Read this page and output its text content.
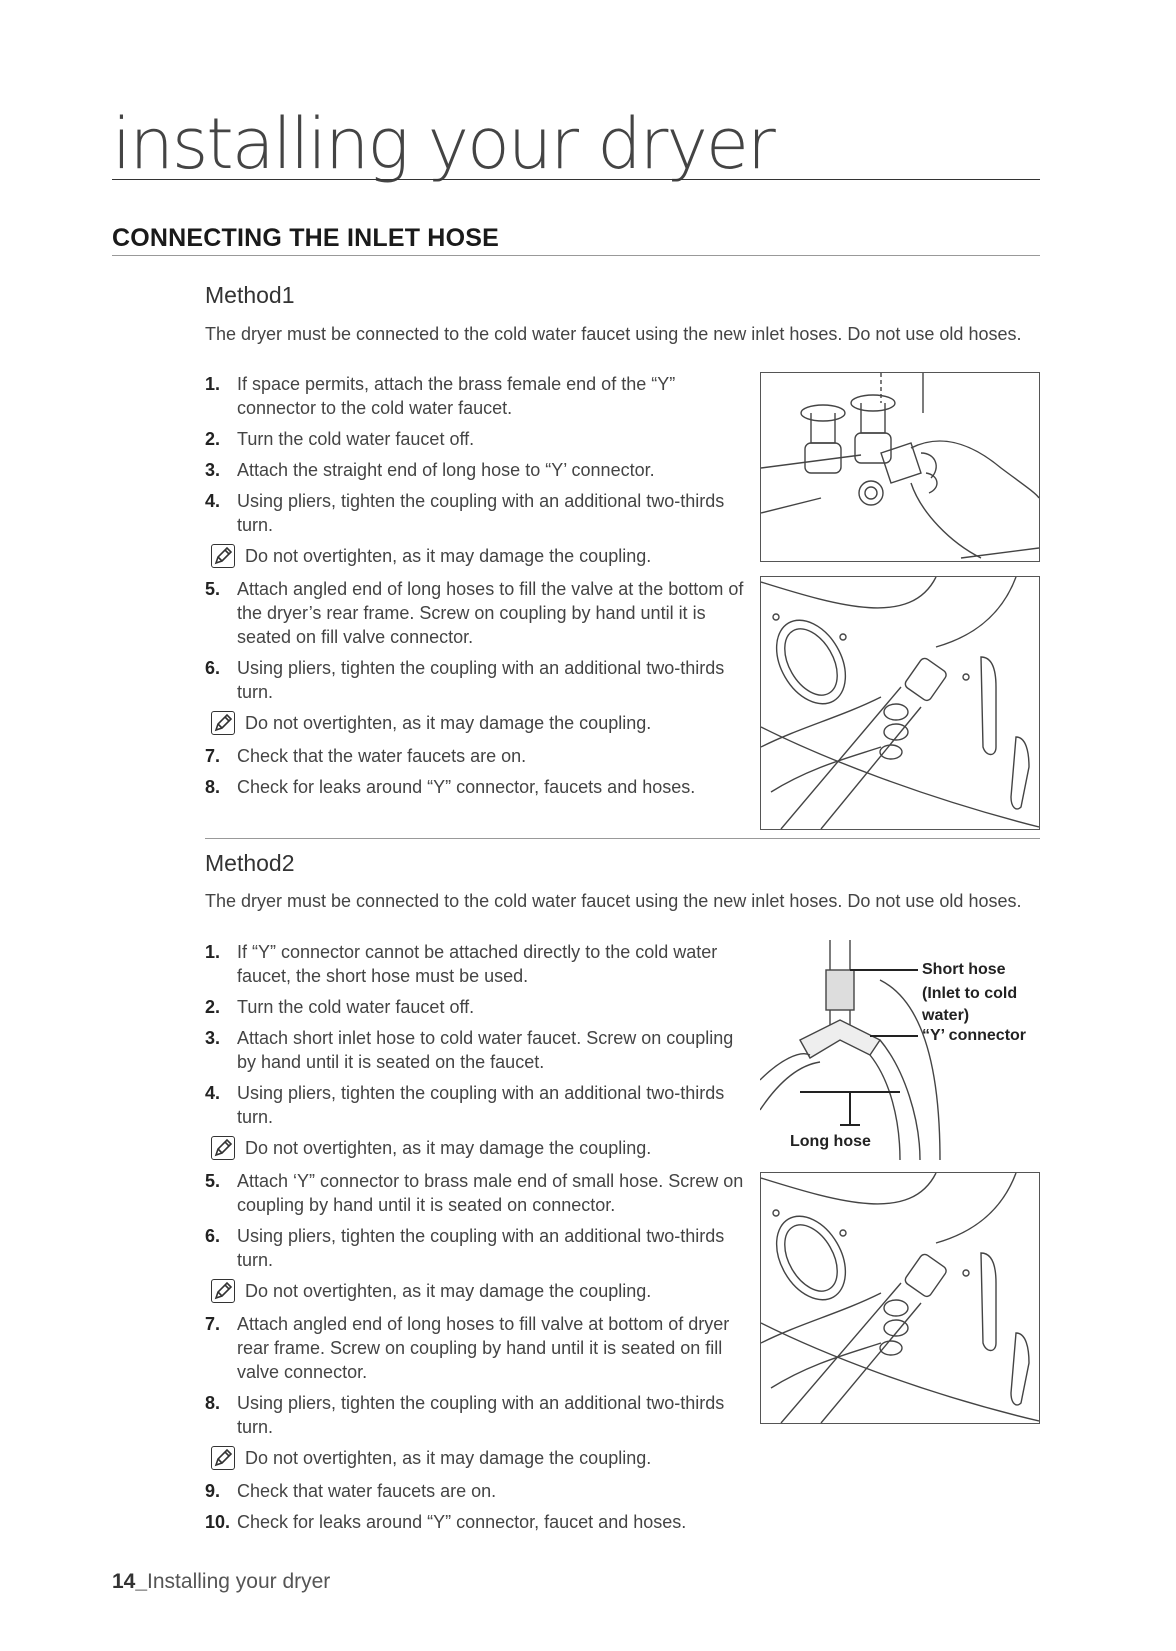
installing your dryer
CONNECTING THE INLET HOSE
Method1
The dryer must be connected to the cold water faucet using the new inlet hoses. Do not use old hoses.
1. If space permits, attach the brass female end of the “Y” connector to the cold water faucet.
2. Turn the cold water faucet off.
3. Attach the straight end of long hose to “Y’ connector.
4. Using pliers, tighten the coupling with an additional two-thirds turn.
Do not overtighten, as it may damage the coupling.
5. Attach angled end of long hoses to fill the valve at the bottom of the dryer’s rear frame. Screw on coupling by hand until it is seated on fill valve connector.
6. Using pliers, tighten the coupling with an additional two-thirds turn.
Do not overtighten, as it may damage the coupling.
7. Check that the water faucets are on.
8. Check for leaks around “Y” connector, faucets and hoses.
Method2
The dryer must be connected to the cold water faucet using the new inlet hoses. Do not use old hoses.
1. If “Y” connector cannot be attached directly to the cold water faucet, the short hose must be used.
2. Turn the cold water faucet off.
3. Attach short inlet hose to cold water faucet. Screw on coupling by hand until it is seated on the faucet.
4. Using pliers, tighten the coupling with an additional two-thirds turn.
Do not overtighten, as it may damage the coupling.
5. Attach ‘Y” connector to brass male end of small hose. Screw on coupling by hand until it is seated on connector.
6. Using pliers, tighten the coupling with an additional two-thirds turn.
Do not overtighten, as it may damage the coupling.
7. Attach angled end of long hoses to fill valve at bottom of dryer rear frame. Screw on coupling by hand until it is seated on fill valve connector.
8. Using pliers, tighten the coupling with an additional two-thirds turn.
Do not overtighten, as it may damage the coupling.
9. Check that water faucets are on.
10. Check for leaks around “Y” connector, faucet and hoses.
Short hose
(Inlet to cold
water)
“Y’ connector
Long hose
14_Installing your dryer
